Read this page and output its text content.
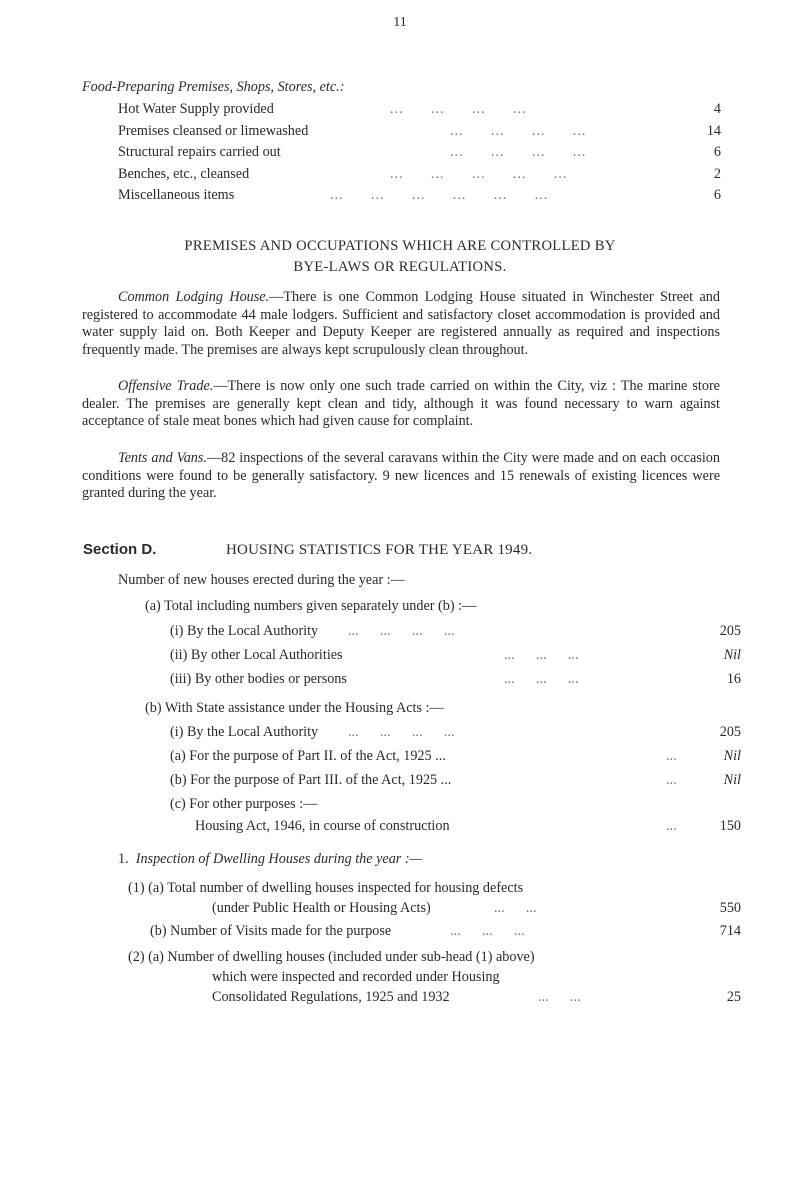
11
Food-Preparing Premises, Shops, Stores, etc.:
Hot Water Supply provided	...      ...      ...      ...	4
Premises cleansed or limewashed	...      ...      ...      ...	14
Structural repairs carried out	...      ...      ...      ...	6
Benches, etc., cleansed	...      ...      ...      ...      ...	2
Miscellaneous items	...      ...      ...      ...      ...      ...	6
PREMISES AND OCCUPATIONS WHICH ARE CONTROLLED BY
BYE-LAWS OR REGULATIONS.
Common Lodging House.—There is one Common Lodging House situated in Winchester Street and registered to accommodate 44 male lodgers. Sufficient and satisfactory closet accommodation is provided and water supply laid on. Both Keeper and Deputy Keeper are registered annually as required and inspections frequently made. The premises are always kept scrupulously clean throughout.
Offensive Trade.—There is now only one such trade carried on within the City, viz : The marine store dealer. The premises are generally kept clean and tidy, although it was found necessary to warn against acceptance of stale meat bones which had given cause for complaint.
Tents and Vans.—82 inspections of the several caravans within the City were made and on each occasion conditions were found to be generally satisfactory. 9 new licences and 15 renewals of existing licences were granted during the year.
Section D.	HOUSING STATISTICS FOR THE YEAR 1949.
Number of new houses erected during the year :—
(a) Total including numbers given separately under (b) :—
(i) By the Local Authority ...      ...      ...      ...	205
(ii) By other Local Authorities	...      ...      ...	Nil
(iii) By other bodies or persons	...      ...      ...	16
(b) With State assistance under the Housing Acts :—
(i) By the Local Authority ...      ...      ...      ...	205
(a) For the purpose of Part II. of the Act, 1925 ...	...	Nil
(b) For the purpose of Part III. of the Act, 1925 ...	...	Nil
(c) For other purposes :—
Housing Act, 1946, in course of construction	...	150
1. Inspection of Dwelling Houses during the year :—
(1) (a) Total number of dwelling houses inspected for housing defects
(under Public Health or Housing Acts)	...      ...	550
(b) Number of Visits made for the purpose	...      ...      ...	714
(2) (a) Number of dwelling houses (included under sub-head (1) above)
which were inspected and recorded under Housing
Consolidated Regulations, 1925 and 1932	...      ...	25
